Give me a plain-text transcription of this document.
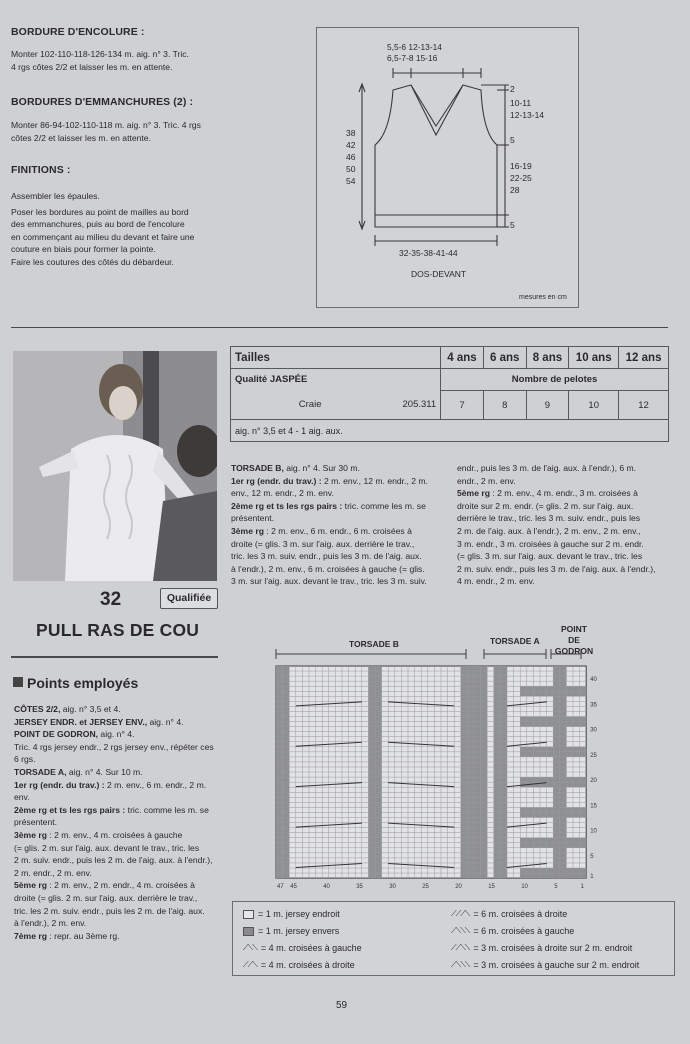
BORDURE D'ENCOLURE :
Monter 102-110-118-126-134 m. aig. n° 3. Tric.
4 rgs côtes 2/2 et laisser les m. en attente.
BORDURES D'EMMANCHURES (2) :
Monter 86-94-102-110-118 m. aig. n° 3. Tric. 4 rgs
côtes 2/2 et laisser les m. en attente.
FINITIONS :
Assembler les épaules.
Poser les bordures au point de mailles au bord
des emmanchures, puis au bord de l'encolure
en commençant au milieu du devant et faire une
couture en biais pour former la pointe.
Faire les coutures des côtés du débardeur.
5,5-6 12-13-14
6,5-7-8 15-16
38
42
46
50
54
2
10-11
12-13-14
5
16-19
22-25
28
5
32-35-38-41-44
DOS-DEVANT
mesures en cm
32	Qualifiée
PULL RAS DE COU
Points employés
CÔTES 2/2, aig. n° 3,5 et 4.
JERSEY ENDR. et JERSEY ENV., aig. n° 4.
POINT DE GODRON, aig. n° 4.
Tric. 4 rgs jersey endr., 2 rgs jersey env., répéter ces
6 rgs.
TORSADE A, aig. n° 4. Sur 10 m.
1er rg (endr. du trav.) : 2 m. env., 6 m. endr., 2 m.
env.
2ème rg et ts les rgs pairs : tric. comme les m. se
présentent.
3ème rg : 2 m. env., 4 m. croisées à gauche
(= glis. 2 m. sur l'aig. aux. devant le trav., tric. les
2 m. suiv. endr., puis les 2 m. de l'aig. aux. à l'endr.),
2 m. endr., 2 m. env.
5ème rg : 2 m. env., 2 m. endr., 4 m. croisées à
droite (= glis. 2 m. sur l'aig. aux. derrière le trav.,
tric. les 2 m. suiv. endr., puis les 2 m. de l'aig. aux.
à l'endr.), 2 m. env.
7ème rg : repr. au 3ème rg.
Tailles		4 ans	6 ans	8 ans	10 ans	12 ans
Qualité JASPÉE		Nombre de pelotes				
Craie	205.311	7	8	9	10	12
aig. n° 3,5 et 4 - 1 aig. aux.						
TORSADE B, aig. n° 4. Sur 30 m.
1er rg (endr. du trav.) : 2 m. env., 12 m. endr., 2 m.
env., 12 m. endr., 2 m. env.
2ème rg et ts les rgs pairs : tric. comme les m. se
présentent.
3ème rg : 2 m. env., 6 m. endr., 6 m. croisées à
droite (= glis. 3 m. sur l'aig. aux. derrière le trav.,
tric. les 3 m. suiv. endr., puis les 3 m. de l'aig. aux.
à l'endr.), 2 m. env., 6 m. croisées à gauche (= glis.
3 m. sur l'aig. aux. devant le trav., tric. les 3 m. suiv.
endr., puis les 3 m. de l'aig. aux. à l'endr.), 6 m.
endr., 2 m. env.
5ème rg : 2 m. env., 4 m. endr., 3 m. croisées à
droite sur 2 m. endr. (= glis. 2 m. sur l'aig. aux.
derrière le trav., tric. les 3 m. suiv. endr., puis les
2 m. de l'aig. aux. à l'endr.), 2 m. env., 2 m. env.,
3 m. endr., 3 m. croisées à gauche sur 2 m. endr.
(= glis. 3 m. sur l'aig. aux. devant le trav., tric. les
2 m. suiv. endr., puis les 3 m. de l'aig. aux. à l'endr.),
4 m. endr., 2 m. env.
TORSADE B	TORSADE A
POINT
DE GODRON
40
35
30
25
20
15
10
5
1
47 45	40	35	30	25	20	15	10	5	1
= 1 m. jersey endroit
= 1 m. jersey envers
⟋⟍⟍ = 4 m. croisées à gauche
⟋⟋⟍ = 4 m. croisées à droite
⟋⟋⟋⟍ = 6 m. croisées à droite
⟋⟍⟍⟍ = 6 m. croisées à gauche
⟋⟋⟍⟍ = 3 m. croisées à droite sur 2 m. endroit
⟋⟍⟍⟍ = 3 m. croisées à gauche sur 2 m. endroit
59
